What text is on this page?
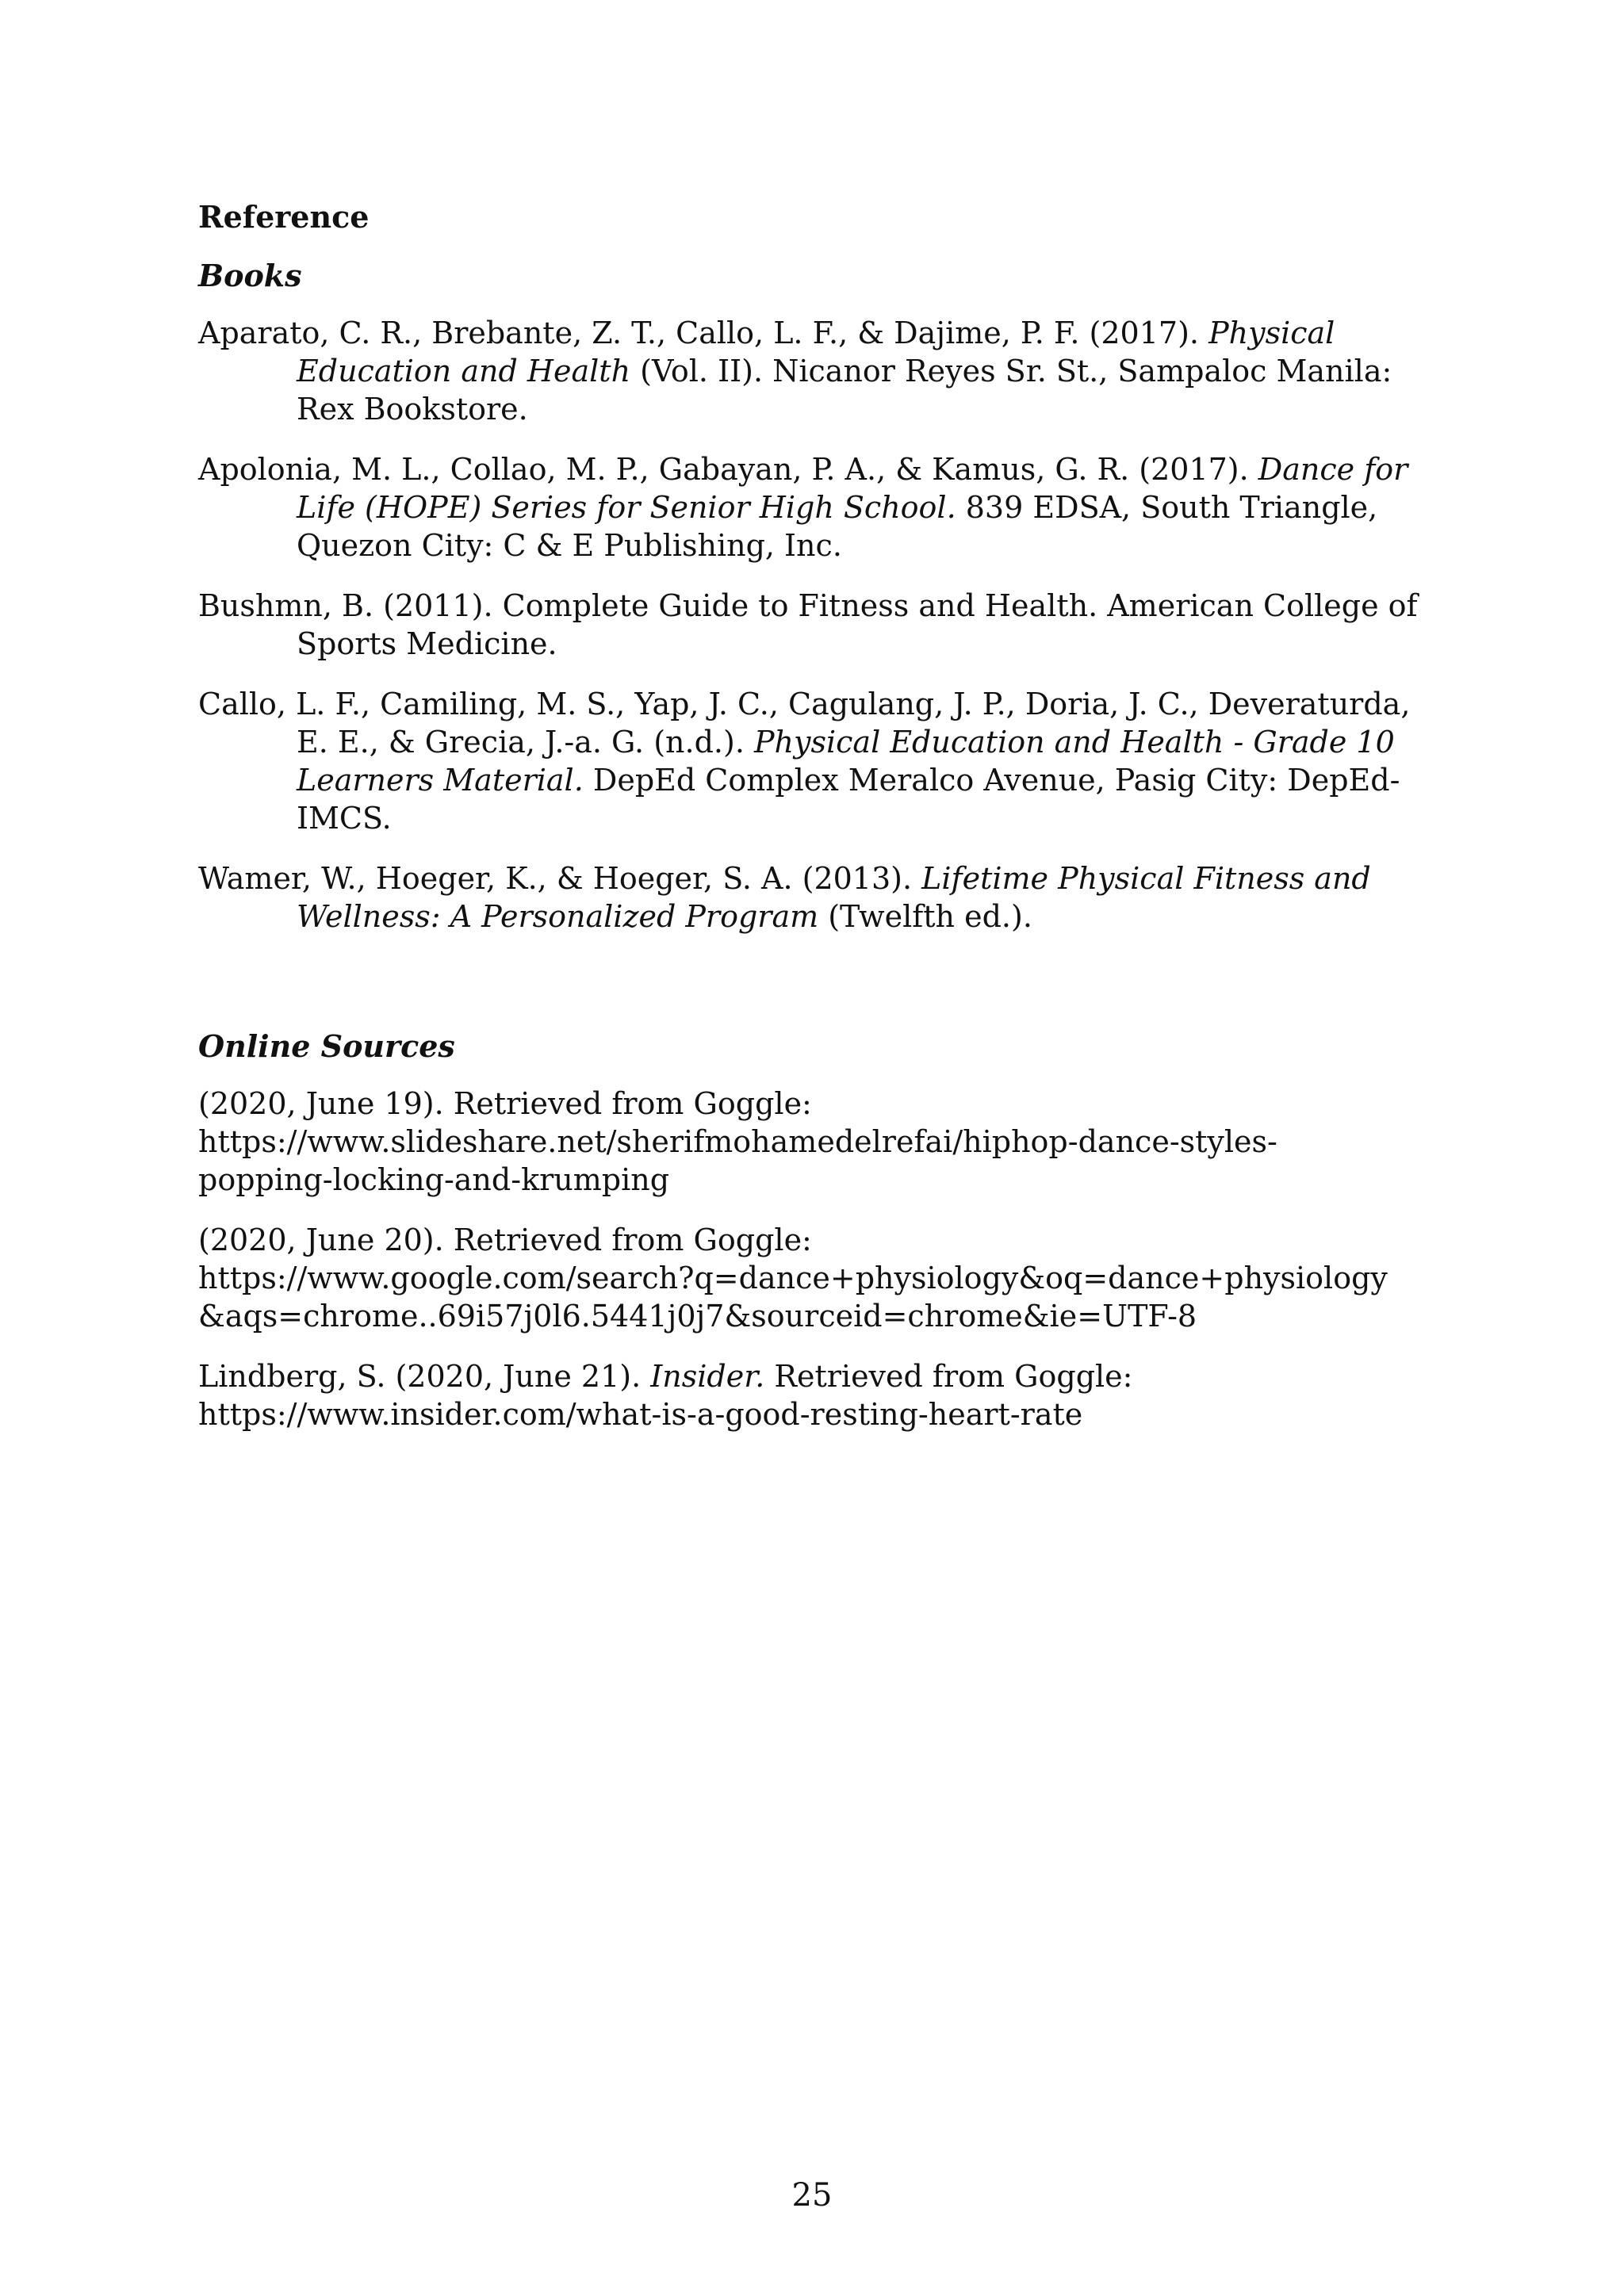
Reference
Books
Aparato, C. R., Brebante, Z. T., Callo, L. F., & Dajime, P. F. (2017). Physical Education and Health (Vol. II). Nicanor Reyes Sr. St., Sampaloc Manila: Rex Bookstore.
Apolonia, M. L., Collao, M. P., Gabayan, P. A., & Kamus, G. R. (2017). Dance for Life (HOPE) Series for Senior High School. 839 EDSA, South Triangle, Quezon City: C & E Publishing, Inc.
Bushmn, B. (2011). Complete Guide to Fitness and Health. American College of Sports Medicine.
Callo, L. F., Camiling, M. S., Yap, J. C., Cagulang, J. P., Doria, J. C., Deveraturda, E. E., & Grecia, J.-a. G. (n.d.). Physical Education and Health - Grade 10 Learners Material. DepEd Complex Meralco Avenue, Pasig City: DepEd-IMCS.
Wamer, W., Hoeger, K., & Hoeger, S. A. (2013). Lifetime Physical Fitness and Wellness: A Personalized Program (Twelfth ed.).
Online Sources
(2020, June 19). Retrieved from Goggle:
https://www.slideshare.net/sherifmohamedelrefai/hiphop-dance-styles-
popping-locking-and-krumping
(2020, June 20). Retrieved from Goggle:
https://www.google.com/search?q=dance+physiology&oq=dance+physiology
&aqs=chrome..69i57j0l6.5441j0j7&sourceid=chrome&ie=UTF-8
Lindberg, S. (2020, June 21). Insider. Retrieved from Goggle:
https://www.insider.com/what-is-a-good-resting-heart-rate
25
